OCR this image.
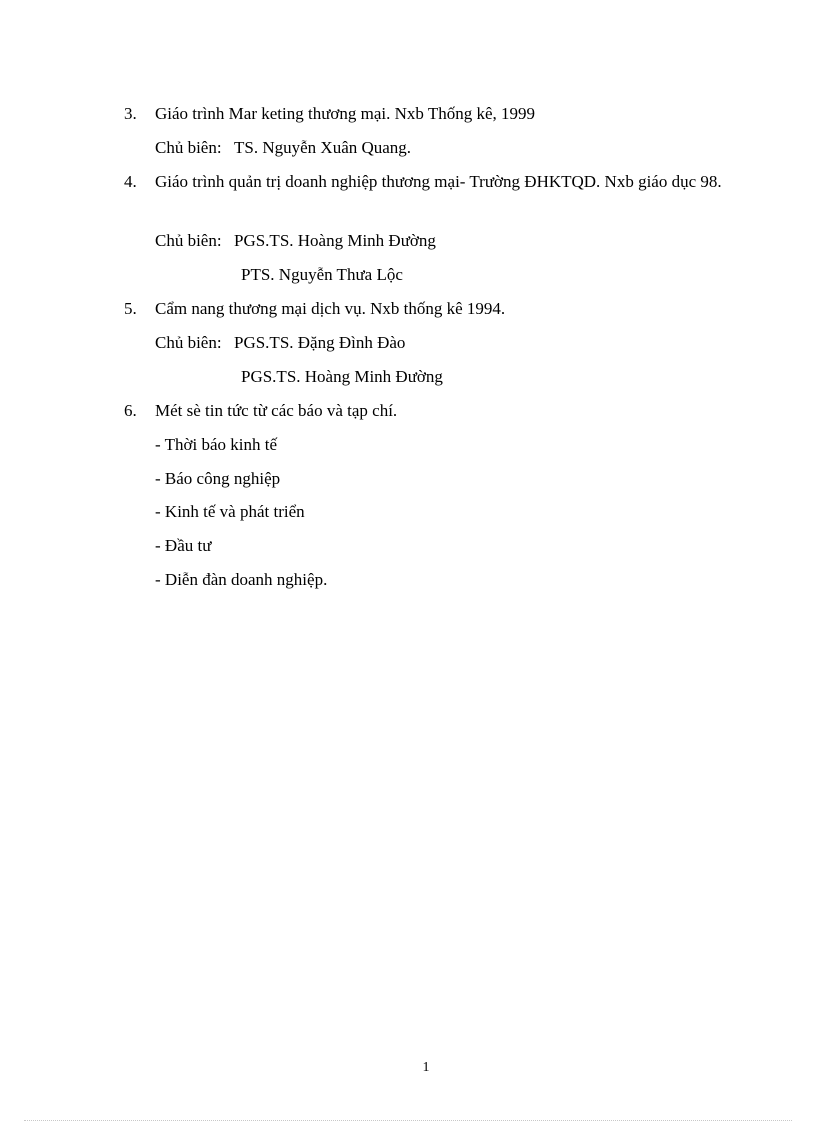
3. Giáo trình Mar keting thương mại. Nxb Thống kê, 1999
Chủ biên: TS. Nguyễn Xuân Quang.
4. Giáo trình quản trị doanh nghiệp thương mại- Trường ĐHKTQD. Nxb giáo dục 98.
Chủ biên: PGS.TS. Hoàng Minh Đường
PTS. Nguyễn Thưa Lộc
5. Cẩm nang thương mại dịch vụ. Nxb thống kê 1994.
Chủ biên: PGS.TS. Đặng Đình Đào
PGS.TS. Hoàng Minh Đường
6. Mét sè tin tức từ các báo và tạp chí.
- Thời báo kinh tế
- Báo công nghiệp
- Kinh tế và phát triển
- Đầu tư
- Diễn đàn doanh nghiệp.
1
